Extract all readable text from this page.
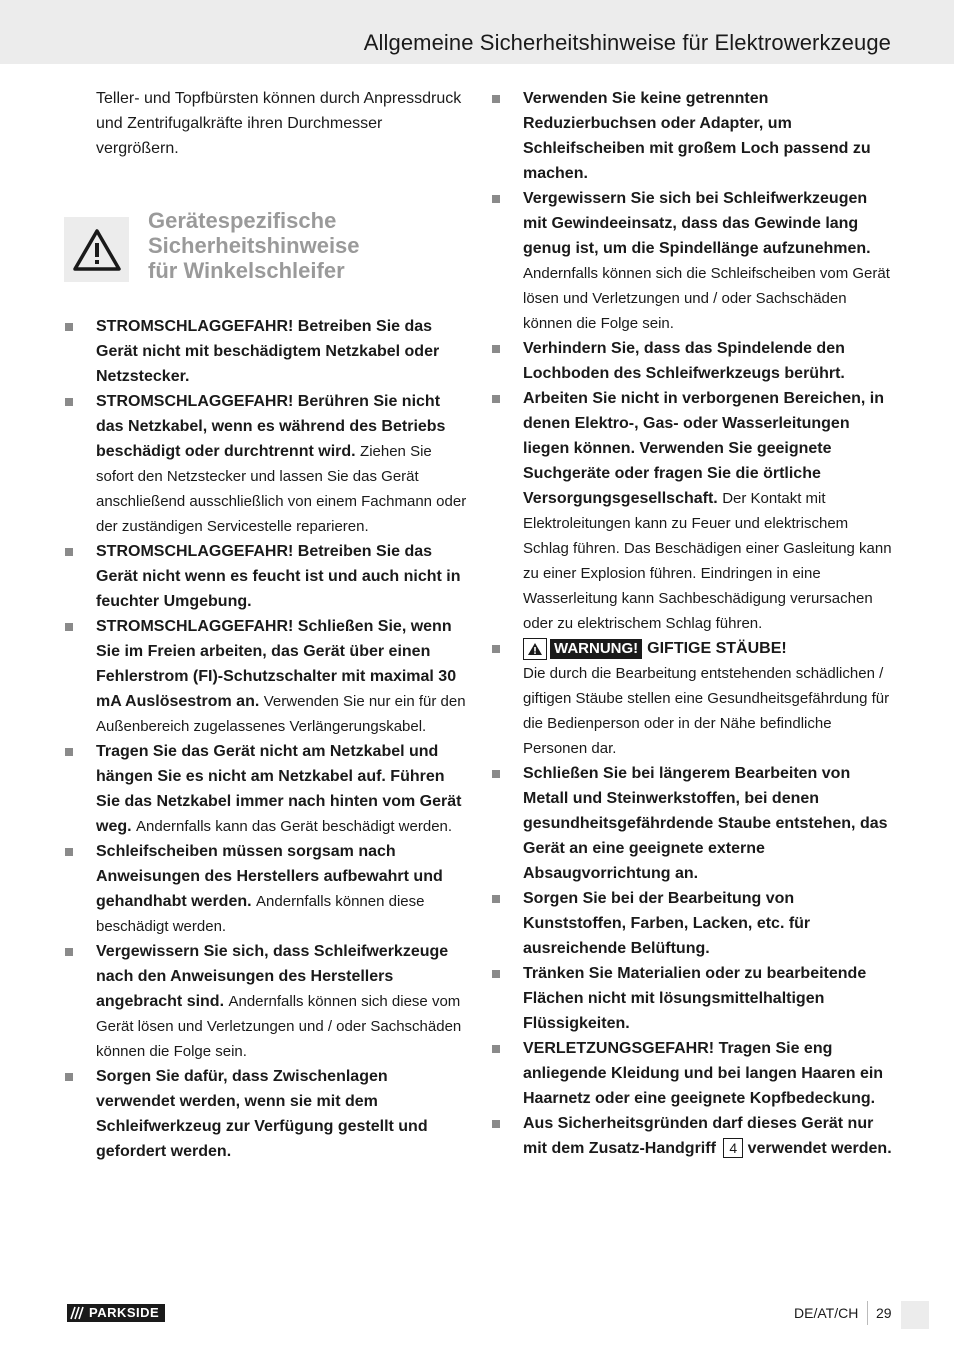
Allgemeine Sicherheitshinweise für Elektrowerkzeuge

Teller- und Topfbürsten können durch Anpressdruck und Zentrifugalkräfte ihren Durchmesser vergrößern.

Gerätespezifische
Sicherheitshinweise
für Winkelschleifer
STROMSCHLAGGEFAHR! Betreiben Sie das Gerät nicht mit beschädigtem Netzkabel oder Netzstecker.
STROMSCHLAGGEFAHR! Berühren Sie nicht das Netzkabel, wenn es während des Betriebs beschädigt oder durchtrennt wird. Ziehen Sie sofort den Netzstecker und lassen Sie das Gerät anschließend ausschließlich von einem Fachmann oder der zuständigen Servicestelle reparieren.
STROMSCHLAGGEFAHR! Betreiben Sie das Gerät nicht wenn es feucht ist und auch nicht in feuchter Umgebung.
STROMSCHLAGGEFAHR! Schließen Sie, wenn Sie im Freien arbeiten, das Gerät über einen Fehlerstrom (FI)-Schutzschalter mit maximal 30 mA Auslösestrom an. Verwenden Sie nur ein für den Außenbereich zugelassenes Verlängerungskabel.
Tragen Sie das Gerät nicht am Netzkabel und hängen Sie es nicht am Netzkabel auf. Führen Sie das Netzkabel immer nach hinten vom Gerät weg. Andernfalls kann das Gerät beschädigt werden.
Schleifscheiben müssen sorgsam nach Anweisungen des Herstellers aufbewahrt und gehandhabt werden. Andernfalls können diese beschädigt werden.
Vergewissern Sie sich, dass Schleifwerkzeuge nach den Anweisungen des Herstellers angebracht sind. Andernfalls können sich diese vom Gerät lösen und Verletzungen und / oder Sachschäden können die Folge sein.
Sorgen Sie dafür, dass Zwischenlagen verwendet werden, wenn sie mit dem Schleifwerkzeug zur Verfügung gestellt und gefordert werden.
Verwenden Sie keine getrennten Reduzierbuchsen oder Adapter, um Schleifscheiben mit großem Loch passend zu machen.
Vergewissern Sie sich bei Schleifwerkzeugen mit Gewindeeinsatz, dass das Gewinde lang genug ist, um die Spindellänge aufzunehmen. Andernfalls können sich die Schleifscheiben vom Gerät lösen und Verletzungen und / oder Sachschäden können die Folge sein.
Verhindern Sie, dass das Spindelende den Lochboden des Schleifwerkzeugs berührt.
Arbeiten Sie nicht in verborgenen Bereichen, in denen Elektro-, Gas- oder Wasserleitungen liegen können. Verwenden Sie geeignete Suchgeräte oder fragen Sie die örtliche Versorgungsgesellschaft. Der Kontakt mit Elektroleitungen kann zu Feuer und elektrischem Schlag führen. Das Beschädigen einer Gasleitung kann zu einer Explosion führen. Eindringen in eine Wasserleitung kann Sachbeschädigung verursachen oder zu elektrischem Schlag führen.
WARNUNG! GIFTIGE STÄUBE!
Die durch die Bearbeitung entstehenden schädlichen / giftigen Stäube stellen eine Gesundheitsgefährdung für die Bedienperson oder in der Nähe befindliche Personen dar.
Schließen Sie bei längerem Bearbeiten von Metall und Steinwerkstoffen, bei denen gesundheitsgefährdende Staube entstehen, das Gerät an eine geeignete externe Absaugvorrichtung an.
Sorgen Sie bei der Bearbeitung von Kunststoffen, Farben, Lacken, etc. für ausreichende Belüftung.
Tränken Sie Materialien oder zu bearbeitende Flächen nicht mit lösungsmittelhaltigen Flüssigkeiten.
VERLETZUNGSGEFAHR! Tragen Sie eng anliegende Kleidung und bei langen Haaren ein Haarnetz oder eine geeignete Kopfbedeckung.
Aus Sicherheitsgründen darf dieses Gerät nur mit dem Zusatz-Handgriff 4 verwendet werden.
PARKSIDE	DE/AT/CH 29
